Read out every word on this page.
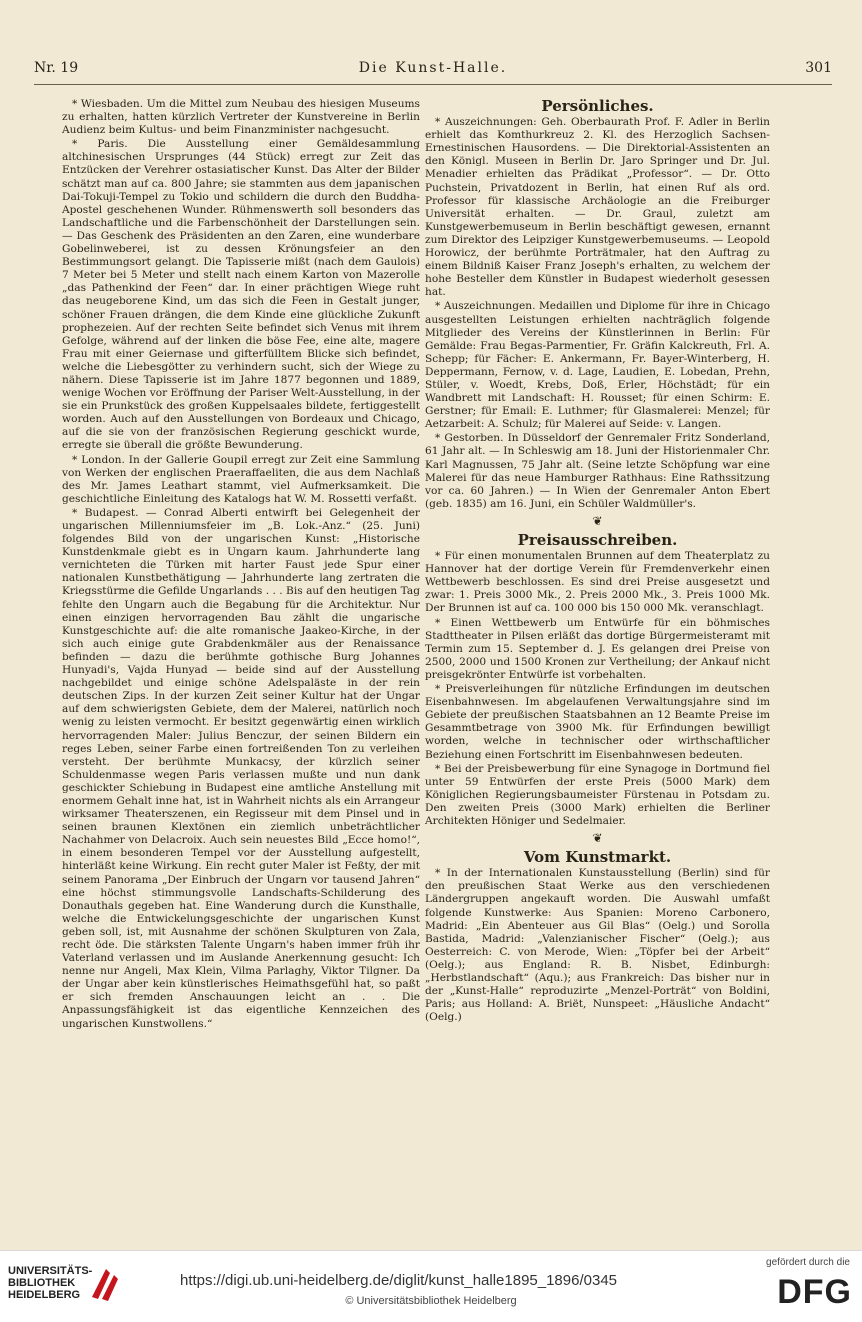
Nr. 19	Die Kunst-Halle.	301

* Wiesbaden. Um die Mittel zum Neubau des hiesigen Museums zu erhalten, hatten kürzlich Vertreter der Kunstvereine in Berlin Audienz beim Kultus- und beim Finanzminister nachgesucht.

* Paris. Die Ausstellung einer Gemäldesammlung altchinesischen Ursprunges (44 Stück) erregt zur Zeit das Entzücken der Verehrer ostasiatischer Kunst. Das Alter der Bilder schätzt man auf ca. 800 Jahre; sie stammten aus dem japanischen Dai-Tokuji-Tempel zu Tokio und schildern die durch den Buddha-Apostel geschehenen Wunder. Rühmenswerth soll besonders das Landschaftliche und die Farbenschönheit der Darstellungen sein. — Das Geschenk des Präsidenten an den Zaren, eine wunderbare Gobelinweberei, ist zu dessen Krönungsfeier an den Bestimmungsort gelangt. Die Tapisserie mißt (nach dem Gaulois) 7 Meter bei 5 Meter und stellt nach einem Karton von Mazerolle „das Pathenkind der Feen“ dar. In einer prächtigen Wiege ruht das neugeborene Kind, um das sich die Feen in Gestalt junger, schöner Frauen drängen, die dem Kinde eine glückliche Zukunft prophezeien. Auf der rechten Seite befindet sich Venus mit ihrem Gefolge, während auf der linken die böse Fee, eine alte, magere Frau mit einer Geiernase und gifterfülltem Blicke sich befindet, welche die Liebesgötter zu verhindern sucht, sich der Wiege zu nähern. Diese Tapisserie ist im Jahre 1877 begonnen und 1889, wenige Wochen vor Eröffnung der Pariser Welt-Ausstellung, in der sie ein Prunkstück des großen Kuppelsaales bildete, fertiggestellt worden. Auch auf den Ausstellungen von Bordeaux und Chicago, auf die sie von der französischen Regierung geschickt wurde, erregte sie überall die größte Bewunderung.

* London. In der Gallerie Goupil erregt zur Zeit eine Sammlung von Werken der englischen Praeraffaeliten, die aus dem Nachlaß des Mr. James Leathart stammt, viel Aufmerksamkeit. Die geschichtliche Einleitung des Katalogs hat W. M. Rossetti verfaßt.

* Budapest. — Conrad Alberti entwirft bei Gelegenheit der ungarischen Millenniumsfeier im „B. Lok.-Anz.“ (25. Juni) folgendes Bild von der ungarischen Kunst: „Historische Kunstdenkmale giebt es in Ungarn kaum. Jahrhunderte lang vernichteten die Türken mit harter Faust jede Spur einer nationalen Kunstbethätigung — Jahrhunderte lang zertraten die Kriegsstürme die Gefilde Ungarlands . . . Bis auf den heutigen Tag fehlte den Ungarn auch die Begabung für die Architektur. Nur einen einzigen hervorragenden Bau zählt die ungarische Kunstgeschichte auf: die alte romanische Jaakeo-Kirche, in der sich auch einige gute Grabdenkmäler aus der Renaissance befinden — dazu die berühmte gothische Burg Johannes Hunyadi's, Vajda Hunyad — beide sind auf der Ausstellung nachgebildet und einige schöne Adelspaläste in der rein deutschen Zips. In der kurzen Zeit seiner Kultur hat der Ungar auf dem schwierigsten Gebiete, dem der Malerei, natürlich noch wenig zu leisten vermocht. Er besitzt gegenwärtig einen wirklich hervorragenden Maler: Julius Benczur, der seinen Bildern ein reges Leben, seiner Farbe einen fortreißenden Ton zu verleihen versteht. Der berühmte Munkacsy, der kürzlich seiner Schuldenmasse wegen Paris verlassen mußte und nun dank geschickter Schiebung in Budapest eine amtliche Anstellung mit enormem Gehalt inne hat, ist in Wahrheit nichts als ein Arrangeur wirksamer Theaterszenen, ein Regisseur mit dem Pinsel und in seinen braunen Klextönen ein ziemlich unbeträchtlicher Nachahmer von Delacroix. Auch sein neuestes Bild „Ecce homo!“, in einem besonderen Tempel vor der Ausstellung aufgestellt, hinterläßt keine Wirkung. Ein recht guter Maler ist Feßty, der mit seinem Panorama „Der Einbruch der Ungarn vor tausend Jahren“ eine höchst stimmungsvolle Landschafts-Schilderung des Donauthals gegeben hat. Eine Wanderung durch die Kunsthalle, welche die Entwickelungsgeschichte der ungarischen Kunst geben soll, ist, mit Ausnahme der schönen Skulpturen von Zala, recht öde. Die stärksten Talente Ungarn's haben immer früh ihr Vaterland verlassen und im Auslande Anerkennung gesucht: Ich nenne nur Angeli, Max Klein, Vilma Parlaghy, Viktor Tilgner. Da der Ungar aber kein künstlerisches Heimathsgefühl hat, so paßt er sich fremden Anschauungen leicht an . . Die Anpassungsfähigkeit ist das eigentliche Kennzeichen des ungarischen Kunstwollens.“

Persönliches.

* Auszeichnungen: Geh. Oberbaurath Prof. F. Adler in Berlin erhielt das Komthurkreuz 2. Kl. des Herzoglich Sachsen-Ernestinischen Hausordens. — Die Direktorial-Assistenten an den Königl. Museen in Berlin Dr. Jaro Springer und Dr. Jul. Menadier erhielten das Prädikat „Professor“. — Dr. Otto Puchstein, Privatdozent in Berlin, hat einen Ruf als ord. Professor für klassische Archäologie an die Freiburger Universität erhalten. — Dr. Graul, zuletzt am Kunstgewerbemuseum in Berlin beschäftigt gewesen, ernannt zum Direktor des Leipziger Kunstgewerbemuseums. — Leopold Horowicz, der berühmte Porträtmaler, hat den Auftrag zu einem Bildniß Kaiser Franz Joseph's erhalten, zu welchem der hohe Besteller dem Künstler in Budapest wiederholt gesessen hat.

* Auszeichnungen. Medaillen und Diplome für ihre in Chicago ausgestellten Leistungen erhielten nachträglich folgende Mitglieder des Vereins der Künstlerinnen in Berlin: Für Gemälde: Frau Begas-Parmentier, Fr. Gräfin Kalckreuth, Frl. A. Schepp; für Fächer: E. Ankermann, Fr. Bayer-Winterberg, H. Deppermann, Fernow, v. d. Lage, Laudien, E. Lobedan, Prehn, Stüler, v. Woedt, Krebs, Doß, Erler, Höchstädt; für ein Wandbrett mit Landschaft: H. Rousset; für einen Schirm: E. Gerstner; für Email: E. Luthmer; für Glasmalerei: Menzel; für Aetzarbeit: A. Schulz; für Malerei auf Seide: v. Langen.

* Gestorben. In Düsseldorf der Genremaler Fritz Sonderland, 61 Jahr alt. — In Schleswig am 18. Juni der Historienmaler Chr. Karl Magnussen, 75 Jahr alt. (Seine letzte Schöpfung war eine Malerei für das neue Hamburger Rathhaus: Eine Rathssitzung vor ca. 60 Jahren.) — In Wien der Genremaler Anton Ebert (geb. 1835) am 16. Juni, ein Schüler Waldmüller's.

❦
Preisausschreiben.

* Für einen monumentalen Brunnen auf dem Theaterplatz zu Hannover hat der dortige Verein für Fremdenverkehr einen Wettbewerb beschlossen. Es sind drei Preise ausgesetzt und zwar: 1. Preis 3000 Mk., 2. Preis 2000 Mk., 3. Preis 1000 Mk. Der Brunnen ist auf ca. 100 000 bis 150 000 Mk. veranschlagt.

* Einen Wettbewerb um Entwürfe für ein böhmisches Stadttheater in Pilsen erläßt das dortige Bürgermeisteramt mit Termin zum 15. September d. J. Es gelangen drei Preise von 2500, 2000 und 1500 Kronen zur Vertheilung; der Ankauf nicht preisgekrönter Entwürfe ist vorbehalten.

* Preisverleihungen für nützliche Erfindungen im deutschen Eisenbahnwesen. Im abgelaufenen Verwaltungsjahre sind im Gebiete der preußischen Staatsbahnen an 12 Beamte Preise im Gesammtbetrage von 3900 Mk. für Erfindungen bewilligt worden, welche in technischer oder wirthschaftlicher Beziehung einen Fortschritt im Eisenbahnwesen bedeuten.

* Bei der Preisbewerbung für eine Synagoge in Dortmund fiel unter 59 Entwürfen der erste Preis (5000 Mark) dem Königlichen Regierungsbaumeister Fürstenau in Potsdam zu. Den zweiten Preis (3000 Mark) erhielten die Berliner Architekten Höniger und Sedelmaier.

❦
Vom Kunstmarkt.

* In der Internationalen Kunstausstellung (Berlin) sind für den preußischen Staat Werke aus den verschiedenen Ländergruppen angekauft worden. Die Auswahl umfaßt folgende Kunstwerke: Aus Spanien: Moreno Carbonero, Madrid: „Ein Abenteuer aus Gil Blas“ (Oelg.) und Sorolla Bastida, Madrid: „Valenzianischer Fischer“ (Oelg.); aus Oesterreich: C. von Merode, Wien: „Töpfer bei der Arbeit“ (Oelg.); aus England: R. B. Nisbet, Edinburgh: „Herbstlandschaft“ (Aqu.); aus Frankreich: Das bisher nur in der „Kunst-Halle“ reproduzirte „Menzel-Porträt“ von Boldini, Paris; aus Holland: A. Briët, Nunspeet: „Häusliche Andacht“ (Oelg.)

UNIVERSITÄTS-
BIBLIOTHEK
HEIDELBERG
https://digi.ub.uni-heidelberg.de/diglit/kunst_halle1895_1896/0345
© Universitätsbibliothek Heidelberg
gefördert durch die
DFG
